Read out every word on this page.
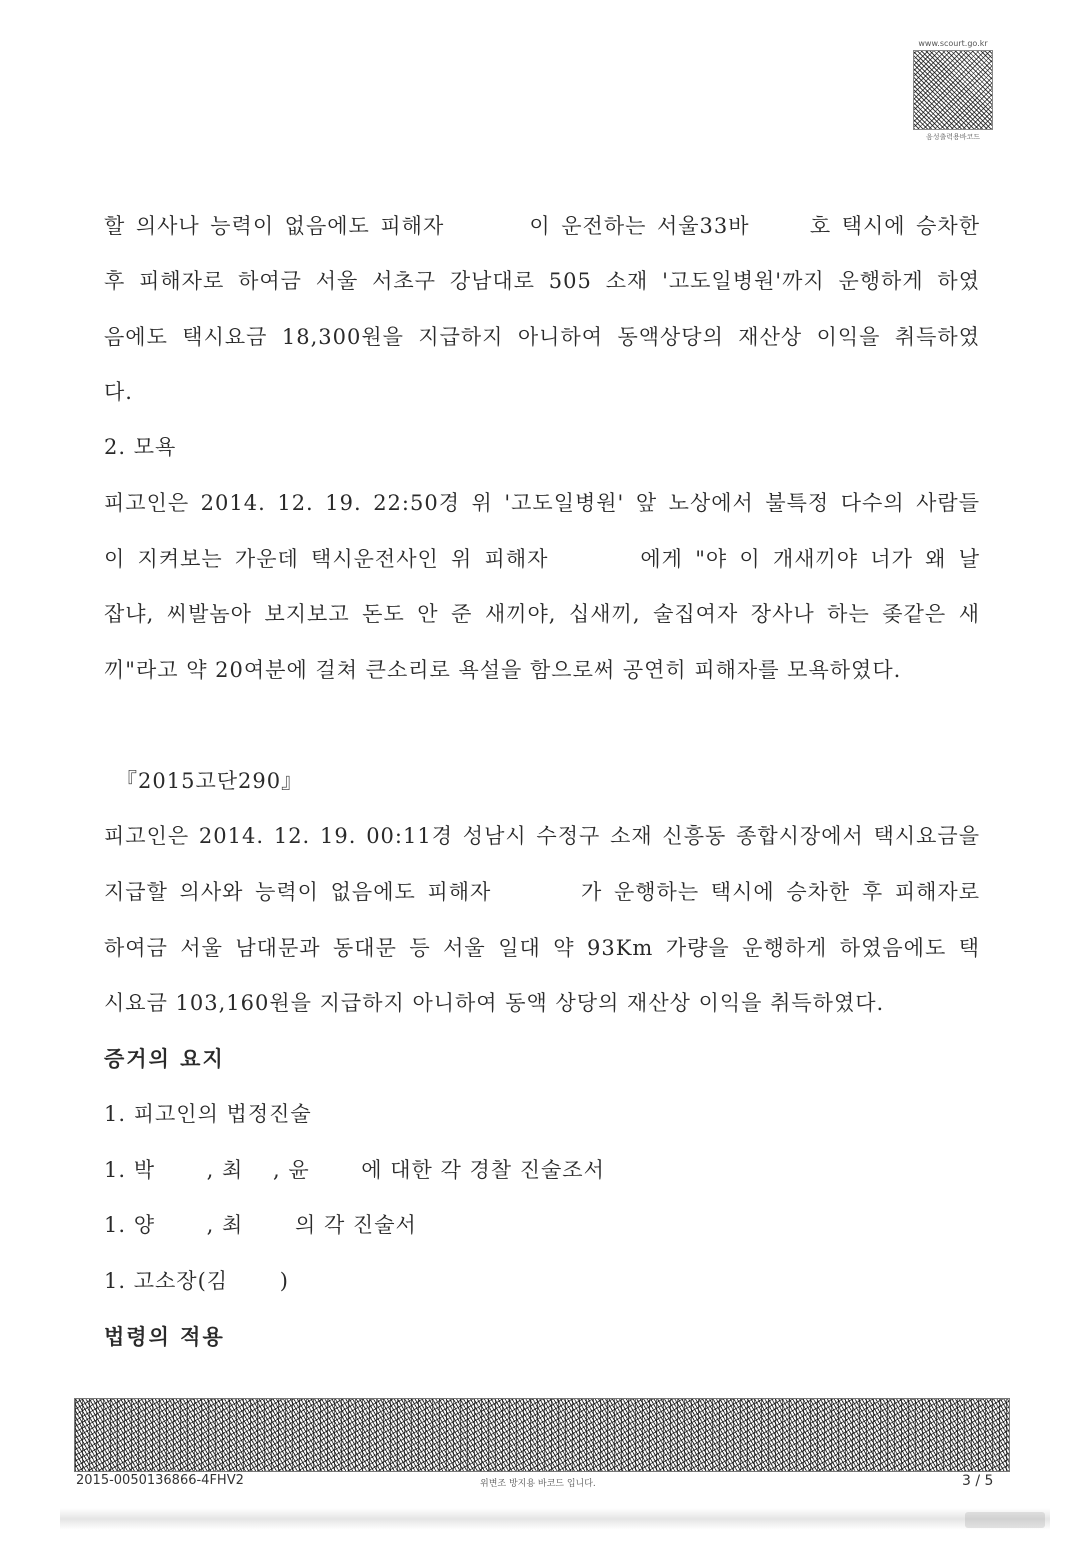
www.scourt.go.kr
음성출력용바코드
할 의사나 능력이 없음에도 피해자 　　　이 운전하는 서울33바 　　호 택시에 승차한
후 피해자로 하여금 서울 서초구 강남대로 505 소재 '고도일병원'까지 운행하게 하였
음에도 택시요금 18,300원을 지급하지 아니하여 동액상당의 재산상 이익을 취득하였
다.
2. 모욕
피고인은 2014. 12. 19. 22:50경 위 '고도일병원' 앞 노상에서 불특정 다수의 사람들
이 지켜보는 가운데 택시운전사인 위 피해자 　　　에게 "야 이 개새끼야 너가 왜 날
잡냐, 씨발놈아 보지보고 돈도 안 준 새끼야, 십새끼, 술집여자 장사나 하는 좆같은 새
끼"라고 약 20여분에 걸쳐 큰소리로 욕설을 함으로써 공연히 피해자를 모욕하였다.
『2015고단290』
피고인은 2014. 12. 19. 00:11경 성남시 수정구 소재 신흥동 종합시장에서 택시요금을
지급할 의사와 능력이 없음에도 피해자 　　　가 운행하는 택시에 승차한 후 피해자로
하여금 서울 남대문과 동대문 등 서울 일대 약 93Km 가량을 운행하게 하였음에도 택
시요금 103,160원을 지급하지 아니하여 동액 상당의 재산상 이익을 취득하였다.
증거의 요지
1. 피고인의 법정진술
1. 박 　　, 최 　, 윤 　　에 대한 각 경찰 진술조서
1. 양 　　, 최 　　의 각 진술서
1. 고소장(김 　　)
법령의 적용
2015-0050136866-4FHV2	위변조 방지용 바코드 입니다.	3 / 5
